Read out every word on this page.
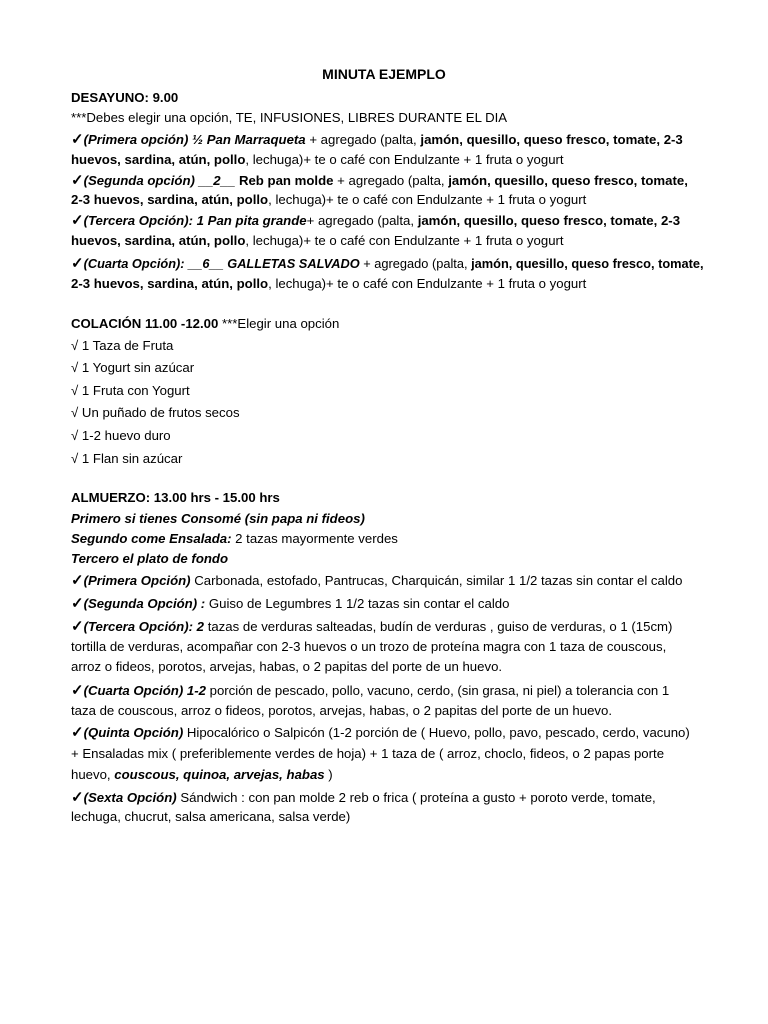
MINUTA EJEMPLO
DESAYUNO: 9.00
***Debes elegir una opción, TE, INFUSIONES, LIBRES DURANTE EL DIA
✓(Primera opción) ½ Pan Marraqueta + agregado (palta, jamón, quesillo, queso fresco, tomate, 2-3
huevos, sardina, atún, pollo, lechuga)+ te o café con Endulzante + 1 fruta o yogurt
✓(Segunda opción) __2__ Reb pan molde + agregado (palta, jamón, quesillo, queso fresco, tomate,
2-3 huevos, sardina, atún, pollo, lechuga)+ te o café con Endulzante + 1 fruta o yogurt
✓(Tercera Opción): 1 Pan pita grande+ agregado (palta, jamón, quesillo, queso fresco, tomate, 2-3
huevos, sardina, atún, pollo, lechuga)+ te o café con Endulzante + 1 fruta o yogurt
✓(Cuarta Opción): __6__ GALLETAS SALVADO + agregado (palta, jamón, quesillo, queso fresco, tomate,
2-3 huevos, sardina, atún, pollo, lechuga)+ te o café con Endulzante + 1 fruta o yogurt
COLACIÓN 11.00 -12.00 ***Elegir una opción
√ 1 Taza de Fruta
√ 1 Yogurt sin azúcar
√ 1 Fruta con Yogurt
√ Un puñado de frutos secos
√ 1-2 huevo duro
√ 1 Flan sin azúcar
ALMUERZO: 13.00 hrs - 15.00 hrs
Primero si tienes Consomé (sin papa ni fideos)
Segundo come Ensalada: 2 tazas mayormente verdes
Tercero el plato de fondo
✓(Primera Opción) Carbonada, estofado, Pantrucas, Charquicán, similar 1 1/2 tazas sin contar el caldo
✓(Segunda Opción) : Guiso de Legumbres 1 1/2 tazas sin contar el caldo
✓(Tercera Opción): 2 tazas de verduras salteadas, budín de verduras , guiso de verduras, o 1 (15cm)
tortilla de verduras, acompañar con 2-3 huevos o un trozo de proteína magra con 1 taza de couscous,
arroz o fideos, porotos, arvejas, habas, o 2 papitas del porte de un huevo.
✓(Cuarta Opción) 1-2 porción de pescado, pollo, vacuno, cerdo, (sin grasa, ni piel) a tolerancia con 1
taza de couscous, arroz o fideos, porotos, arvejas, habas, o 2 papitas del porte de un huevo.
✓(Quinta Opción) Hipocalórico o Salpicón (1-2 porción de ( Huevo, pollo, pavo, pescado, cerdo, vacuno)
+ Ensaladas mix ( preferiblemente verdes de hoja) + 1 taza de ( arroz, choclo, fideos, o 2 papas porte
huevo, couscous, quinoa, arvejas, habas )
✓(Sexta Opción) Sándwich : con pan molde 2 reb o frica ( proteína a gusto + poroto verde, tomate,
lechuga, chucrut, salsa americana, salsa verde)
